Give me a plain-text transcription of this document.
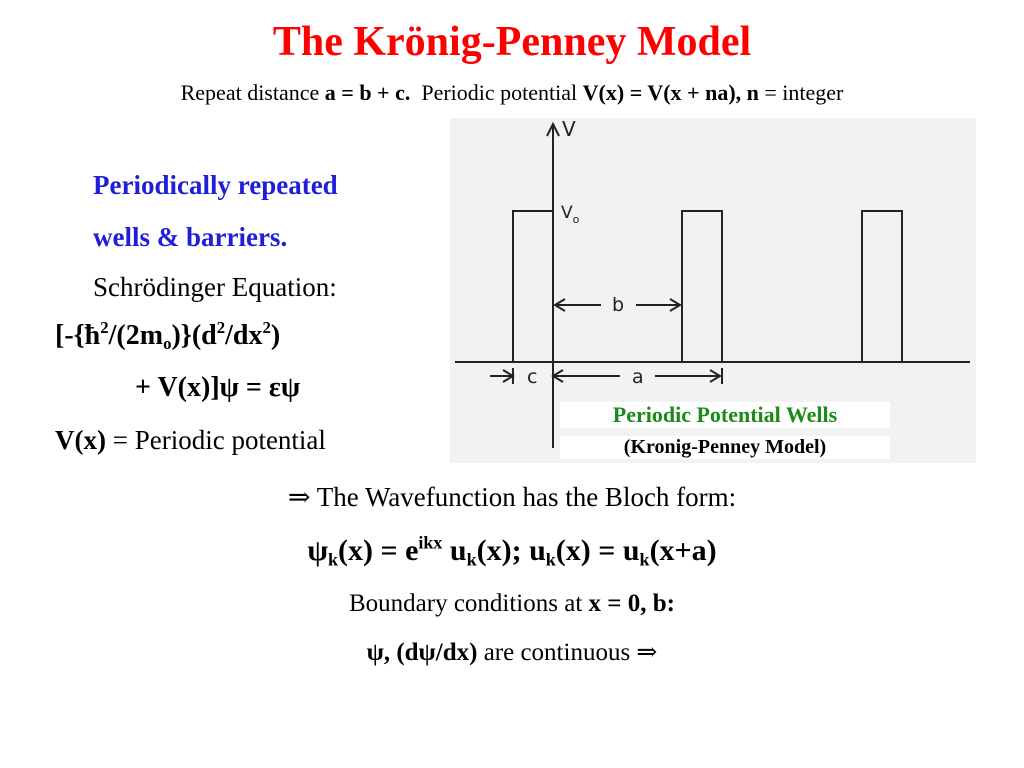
The Krönig-Penney Model
Repeat distance a = b + c.  Periodic potential V(x) = V(x + na), n = integer
Periodically repeated
wells & barriers.
Schrödinger Equation:
[$-\{ħ^2/(2m_o)\}(d^2/dx^2)$
+ V(x)]ψ = εψ
V(x) = Periodic potential
V
$V_o$
b
c	a
Periodic Potential Wells
(Kronig-Penney Model)
⇒ The Wavefunction has the Bloch form:
$\psi_k(x) = e^{ikx}$ $u_k(x)$; $u_k(x) = u_k(x+a)$
Boundary conditions at x = 0, b:
ψ, (dψ/dx) are continuous ⇒
